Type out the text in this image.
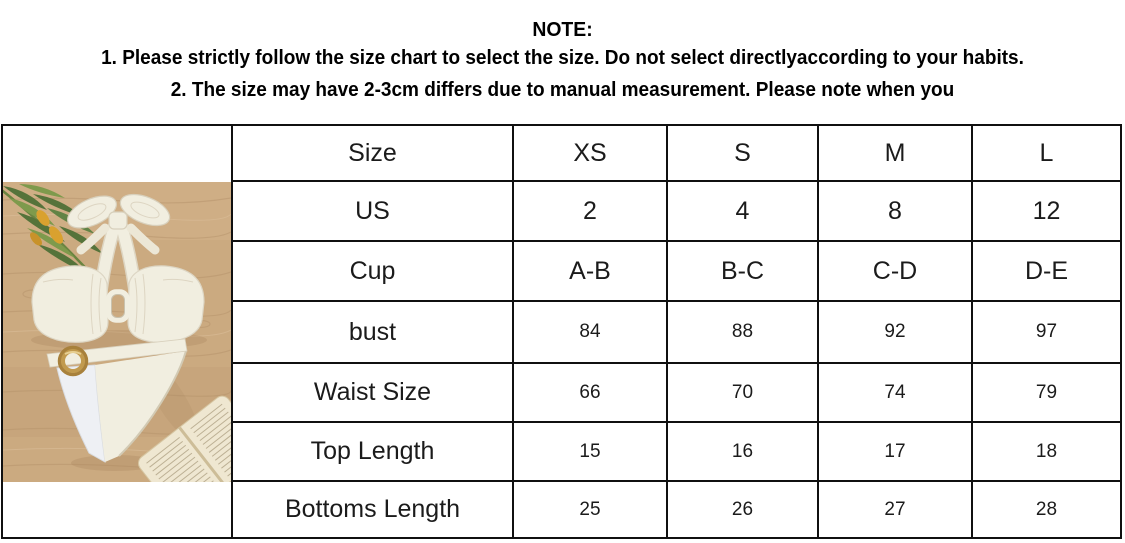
NOTE:
1. Please strictly follow the size chart to select the size. Do not select directlyaccording to your habits.
2. The size may have 2-3cm differs due to manual measurement. Please note when you
Size	XS	S	M	L
US	2	4	8	12
Cup	A-B	B-C	C-D	D-E
bust	84	88	92	97
Waist Size	66	70	74	79
Top Length	15	16	17	18
Bottoms Length	25	26	27	28
